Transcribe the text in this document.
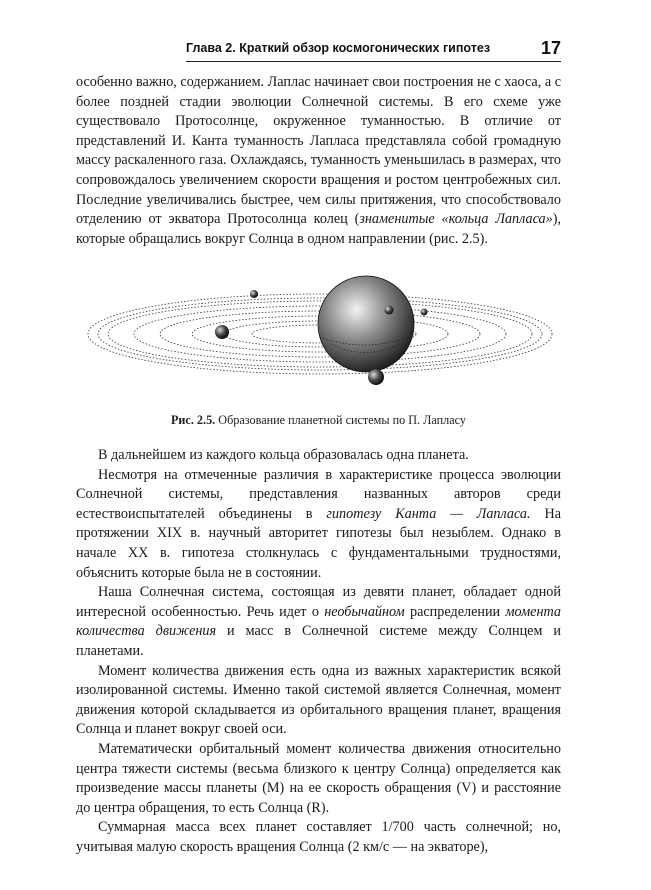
Глава 2. Краткий обзор космогонических гипотез	17

особенно важно, содержанием. Лаплас начинает свои построения не с хаоса, а с более поздней стадии эволюции Солнечной системы. В его схеме уже существовало Протосолнце, окруженное туманностью. В отличие от представлений И. Канта туманность Лапласа представляла собой громадную массу раскаленного газа. Охлаждаясь, туманность уменьшилась в размерах, что сопровождалось увеличением скорости вращения и ростом центробежных сил. Последние увеличивались быстрее, чем силы притяжения, что способствовало отделению от экватора Протосолнца колец (знаменитые «кольца Лапласа»), которые обращались вокруг Солнца в одном направлении (рис. 2.5).

Рис. 2.5. Образование планетной системы по П. Лапласу

В дальнейшем из каждого кольца образовалась одна планета.

Несмотря на отмеченные различия в характеристике процесса эволюции Солнечной системы, представления названных авторов среди естествоиспытателей объединены в гипотезу Канта — Лапласа. На протяжении XIX в. научный авторитет гипотезы был незыблем. Однако в начале XX в. гипотеза столкнулась с фундаментальными трудностями, объяснить которые была не в состоянии.

Наша Солнечная система, состоящая из девяти планет, обладает одной интересной особенностью. Речь идет о необычайном распределении момента количества движения и масс в Солнечной системе между Солнцем и планетами.

Момент количества движения есть одна из важных характеристик всякой изолированной системы. Именно такой системой является Солнечная, момент движения которой складывается из орбитального вращения планет, вращения Солнца и планет вокруг своей оси.

Математически орбитальный момент количества движения относительно центра тяжести системы (весьма близкого к центру Солнца) определяется как произведение массы планеты (M) на ее скорость обращения (V) и расстояние до центра обращения, то есть Солнца (R).

Суммарная масса всех планет составляет 1/700 часть солнечной; но, учитывая малую скорость вращения Солнца (2 км/с — на экваторе),
